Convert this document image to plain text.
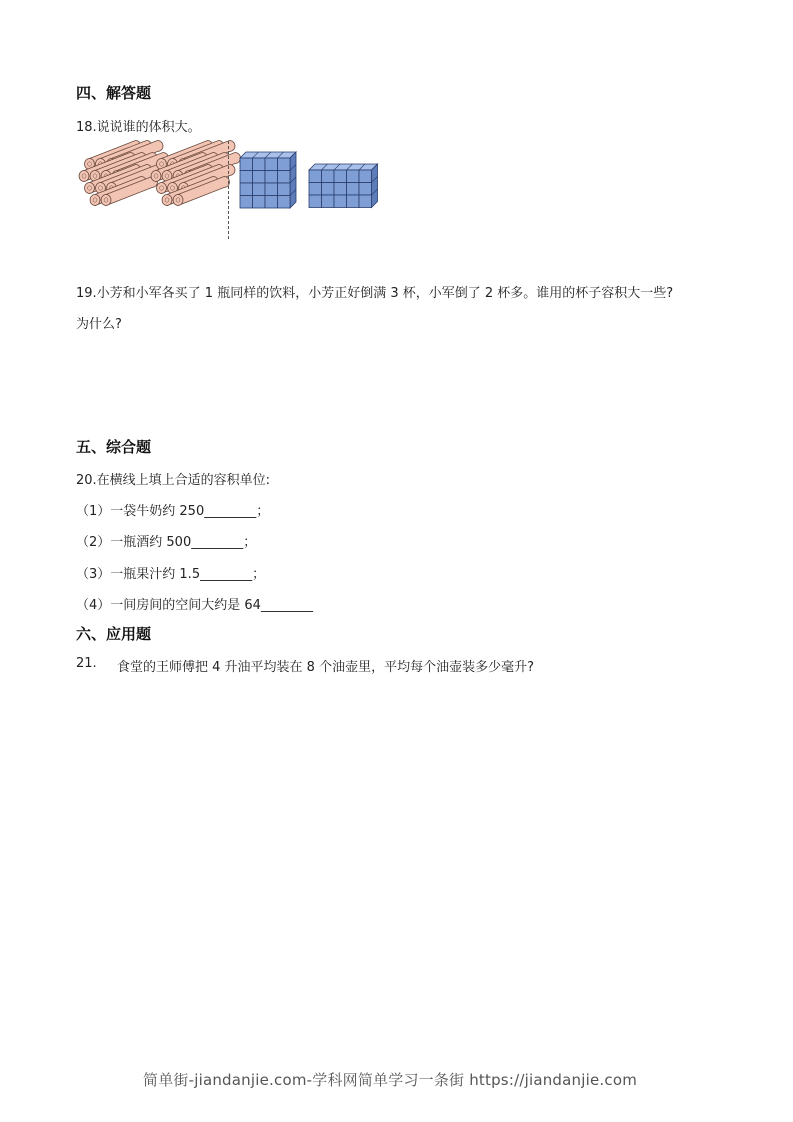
四、解答题
18.说说谁的体积大。
19.小芳和小军各买了 1 瓶同样的饮料，小芳正好倒满 3 杯，小军倒了 2 杯多。谁用的杯子容积大一些?
为什么?
五、综合题
20.在横线上填上合适的容积单位:
（1）一袋牛奶约 250________；
（2）一瓶酒约 500________；
（3）一瓶果汁约 1.5________；
（4）一间房间的空间大约是 64________
六、应用题
21. 食堂的王师傅把 4 升油平均装在 8 个油壶里，平均每个油壶装多少毫升?
简单街-jiandanjie.com-学科网简单学习一条街 https://jiandanjie.com
